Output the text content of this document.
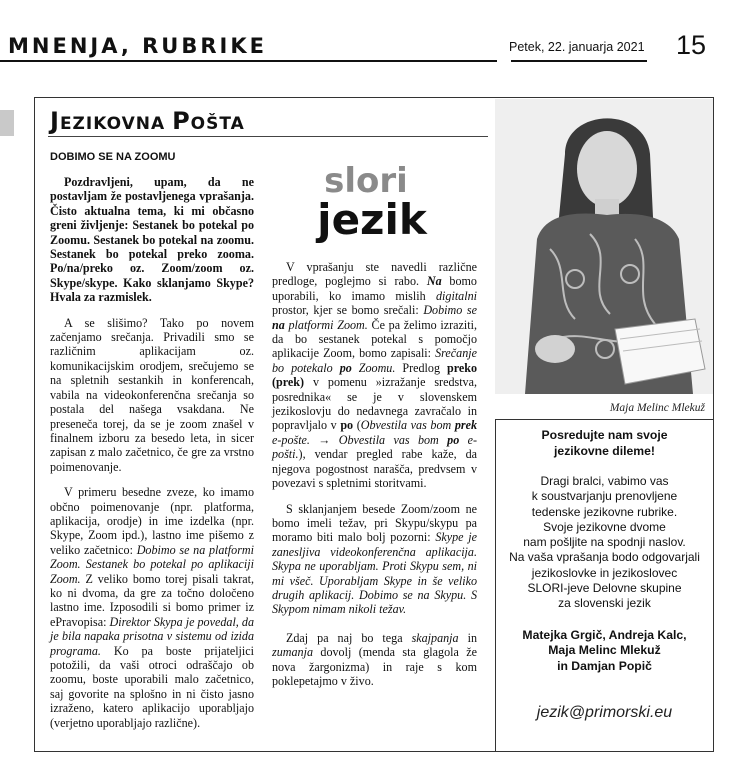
MNENJA, RUBRIKE	Petek, 22. januarja 2021 15
JEZIKOVNA POŠTA
DOBIMO SE NA ZOOMU

Pozdravljeni, upam, da ne postavljam že postavljenega vprašanja. Čisto aktualna tema, ki mi občasno greni življenje: Sestanek bo potekal po Zoomu. Sestanek bo potekal na zoomu. Sestanek bo potekal preko zooma. Po/na/preko oz. Zoom/zoom oz. Skype/skype. Kako sklanjamo Skype? Hvala za razmislek.

A se slišimo? Tako po novem začenjamo srečanja. Privadili smo se različnim aplikacijam oz. komunikacijskim orodjem, srečujemo se na spletnih sestankih in konferencah, vabila na videokonferenčna srečanja so postala del našega vsakdana. Ne preseneča torej, da se je zoom znašel v finalnem izboru za besedo leta, in sicer zapisan z malo začetnico, če gre za vrstno poimenovanje.

V primeru besedne zveze, ko imamo občno poimenovanje (npr. platforma, aplikacija, orodje) in ime izdelka (npr. Skype, Zoom ipd.), lastno ime pišemo z veliko začetnico: Dobimo se na platformi Zoom. Sestanek bo potekal po aplikaciji Zoom. Z veliko bomo torej pisali takrat, ko ni dvoma, da gre za točno določeno lastno ime. Izposodili si bomo primer iz ePravopisa: Direktor Skypa je povedal, da je bila napaka prisotna v sistemu od izida programa. Ko pa boste prijateljici potožili, da vaši otroci odraščajo ob zoomu, boste uporabili malo začetnico, saj govorite na splošno in ni čisto jasno izraženo, katero aplikacijo uporabljajo (verjetno uporabljajo različne).

slori
jezik

V vprašanju ste navedli različne predloge, poglejmo si rabo. Na bomo uporabili, ko imamo mislih digitalni prostor, kjer se bomo srečali: Dobimo se na platformi Zoom. Če pa želimo izraziti, da bo sestanek potekal s pomočjo aplikacije Zoom, bomo zapisali: Srečanje bo potekalo po Zoomu. Predlog preko (prek) v pomenu »izražanje sredstva, posrednika« se je v slovenskem jezikoslovju do nedavnega zavračalo in popravljalo v po (Obvestila vas bom prek e-pošte. → Obvestila vas bom po e-pošti.), vendar pregled rabe kaže, da njegova pogostnost narašča, predvsem v povezavi s spletnimi storitvami.

S sklanjanjem besede Zoom/zoom ne bomo imeli težav, pri Skypu/skypu pa moramo biti malo bolj pozorni: Skype je zanesljiva videokonferenčna aplikacija. Skypa ne uporabljam. Proti Skypu sem, ni mi všeč. Uporabljam Skype in še veliko drugih aplikacij. Dobimo se na Skypu. S Skypom nimam nikoli težav.

Zdaj pa naj bo tega skajpanja in zumanja dovolj (menda sta glagola že nova žargonizma) in raje s kom poklepetajmo v živo.

Maja Melinc Mlekuž
Posredujte nam svoje
jezikovne dileme!
Dragi bralci, vabimo vas
k soustvarjanju prenovljene
tedenske jezikovne rubrike.
Svoje jezikovne dvome
nam pošljite na spodnji naslov.
Na vaša vprašanja bodo odgovarjali
jezikoslovke in jezikoslovec
SLORI-jeve Delovne skupine
za slovenski jezik
Matejka Grgič, Andreja Kalc,
Maja Melinc Mlekuž
in Damjan Popič
jezik@primorski.eu
